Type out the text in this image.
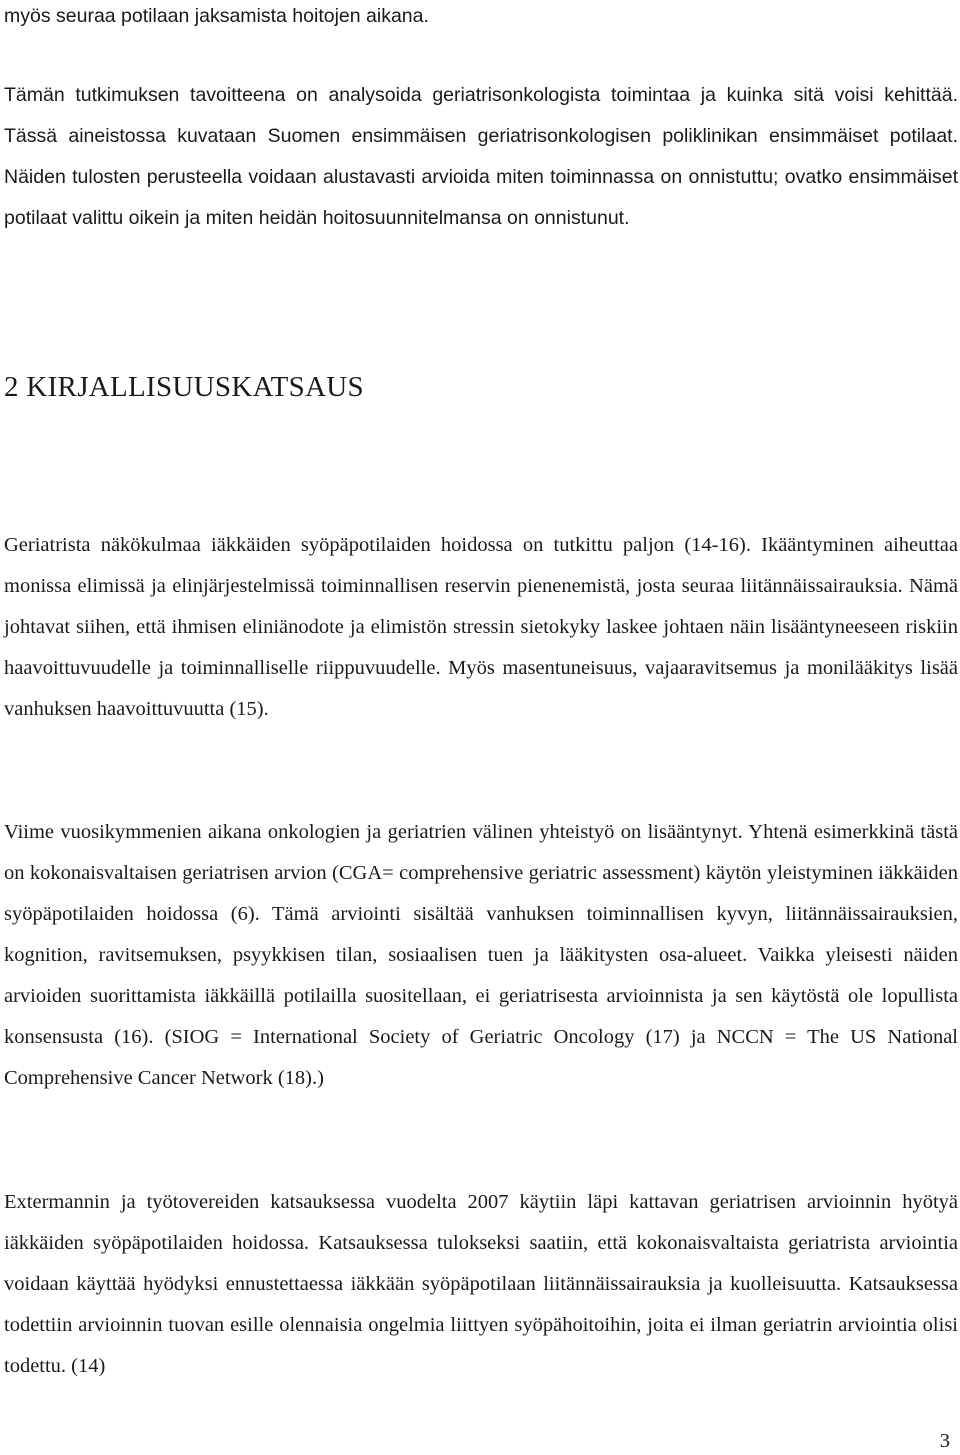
myös seuraa potilaan jaksamista hoitojen aikana.

Tämän tutkimuksen tavoitteena on analysoida geriatrisonkologista toimintaa ja kuinka sitä voisi kehittää. Tässä aineistossa kuvataan Suomen ensimmäisen geriatrisonkologisen poliklinikan ensimmäiset potilaat. Näiden tulosten perusteella voidaan alustavasti arvioida miten toiminnassa on onnistuttu; ovatko ensimmäiset potilaat valittu oikein ja miten heidän hoitosuunnitelmansa on onnistunut.

2 KIRJALLISUUSKATSAUS

Geriatrista näkökulmaa iäkkäiden syöpäpotilaiden hoidossa on tutkittu paljon (14-16). Ikääntyminen aiheuttaa monissa elimissä ja elinjärjestelmissä toiminnallisen reservin pienenemistä, josta seuraa liitännäissairauksia. Nämä johtavat siihen, että ihmisen eliniänodote ja elimistön stressin sietokyky laskee johtaen näin lisääntyneeseen riskiin haavoittuvuudelle ja toiminnalliselle riippuvuudelle. Myös masentuneisuus, vajaaravitsemus ja monilääkitys lisää vanhuksen haavoittuvuutta (15).

Viime vuosikymmenien aikana onkologien ja geriatrien välinen yhteistyö on lisääntynyt. Yhtenä esimerkkinä tästä on kokonaisvaltaisen geriatrisen arvion (CGA= comprehensive geriatric assessment) käytön yleistyminen iäkkäiden syöpäpotilaiden hoidossa (6). Tämä arviointi sisältää vanhuksen toiminnallisen kyvyn, liitännäissairauksien, kognition, ravitsemuksen, psyykkisen tilan, sosiaalisen tuen ja lääkitysten osa-alueet. Vaikka yleisesti näiden arvioiden suorittamista iäkkäillä potilailla suositellaan, ei geriatrisesta arvioinnista ja sen käytöstä ole lopullista konsensusta (16). (SIOG = International Society of Geriatric Oncology (17) ja NCCN = The US National Comprehensive Cancer Network (18).)

Extermannin ja työtovereiden katsauksessa vuodelta 2007 käytiin läpi kattavan geriatrisen arvioinnin hyötyä iäkkäiden syöpäpotilaiden hoidossa. Katsauksessa tulokseksi saatiin, että kokonaisvaltaista geriatrista arviointia voidaan käyttää hyödyksi ennustettaessa iäkkään syöpäpotilaan liitännäissairauksia ja kuolleisuutta. Katsauksessa todettiin arvioinnin tuovan esille olennaisia ongelmia liittyen syöpähoitoihin, joita ei ilman geriatrin arviointia olisi todettu. (14)

3
